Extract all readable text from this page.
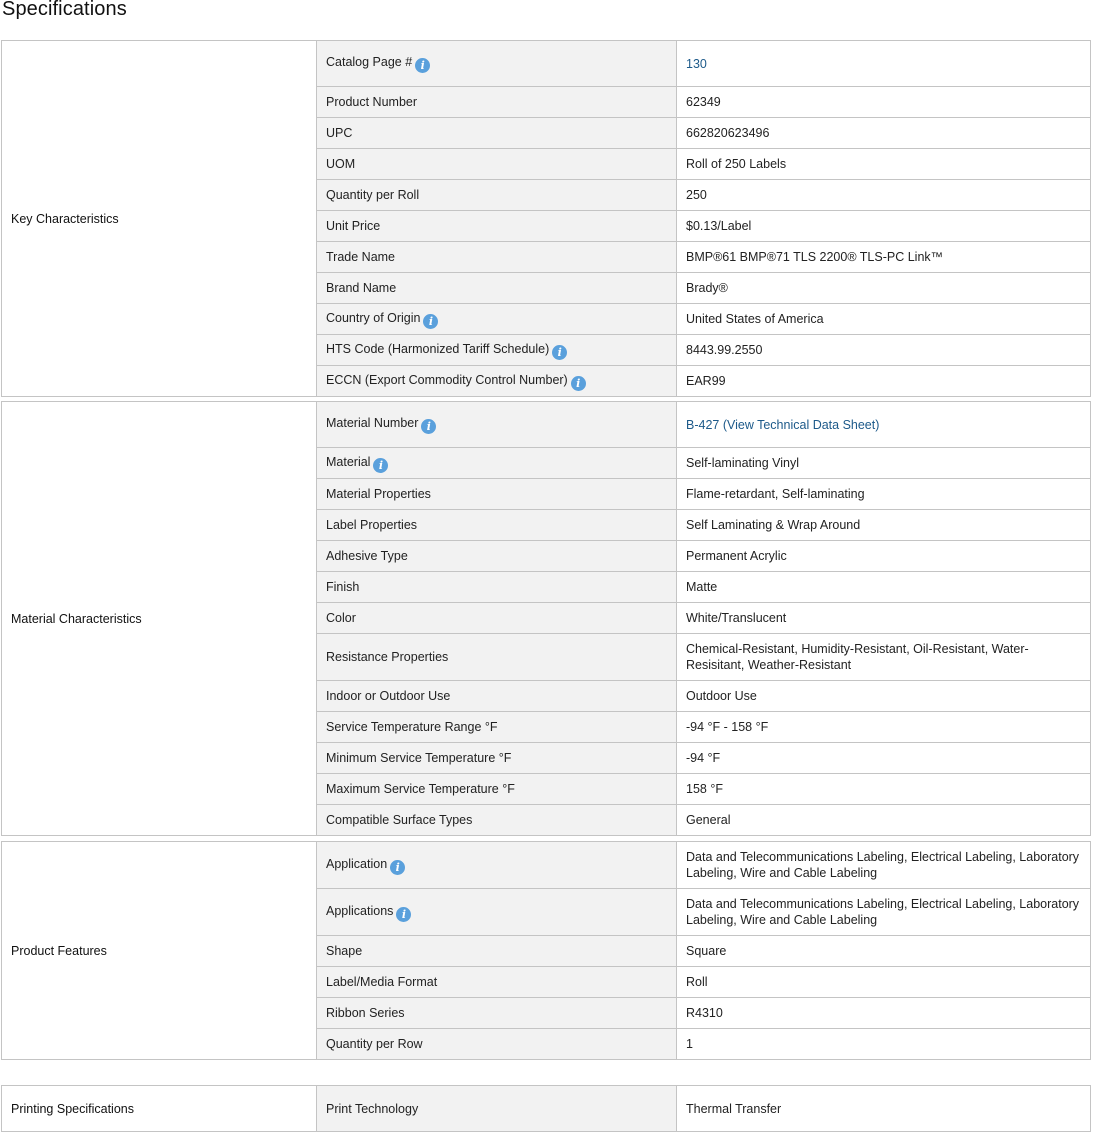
Specifications
Key Characteristics	Catalog Page # i	130
	Product Number	62349
	UPC	662820623496
	UOM	Roll of 250 Labels
	Quantity per Roll	250
	Unit Price	$0.13/Label
	Trade Name	BMP®61 BMP®71 TLS 2200® TLS-PC Link™
	Brand Name	Brady®
	Country of Origin i	United States of America
	HTS Code (Harmonized Tariff Schedule) i	8443.99.2550
	ECCN (Export Commodity Control Number) i	EAR99
Material Characteristics	Material Number i	B-427 (View Technical Data Sheet)
	Material i	Self-laminating Vinyl
	Material Properties	Flame-retardant, Self-laminating
	Label Properties	Self Laminating & Wrap Around
	Adhesive Type	Permanent Acrylic
	Finish	Matte
	Color	White/Translucent
	Resistance Properties	Chemical-Resistant, Humidity-Resistant, Oil-Resistant, Water-Resisitant, Weather-Resistant
	Indoor or Outdoor Use	Outdoor Use
	Service Temperature Range °F	-94 °F - 158 °F
	Minimum Service Temperature °F	-94 °F
	Maximum Service Temperature °F	158 °F
	Compatible Surface Types	General
Product Features	Application i	Data and Telecommunications Labeling, Electrical Labeling, Laboratory Labeling, Wire and Cable Labeling
	Applications i	Data and Telecommunications Labeling, Electrical Labeling, Laboratory Labeling, Wire and Cable Labeling
	Shape	Square
	Label/Media Format	Roll
	Ribbon Series	R4310
	Quantity per Row	1
Printing Specifications	Print Technology	Thermal Transfer
